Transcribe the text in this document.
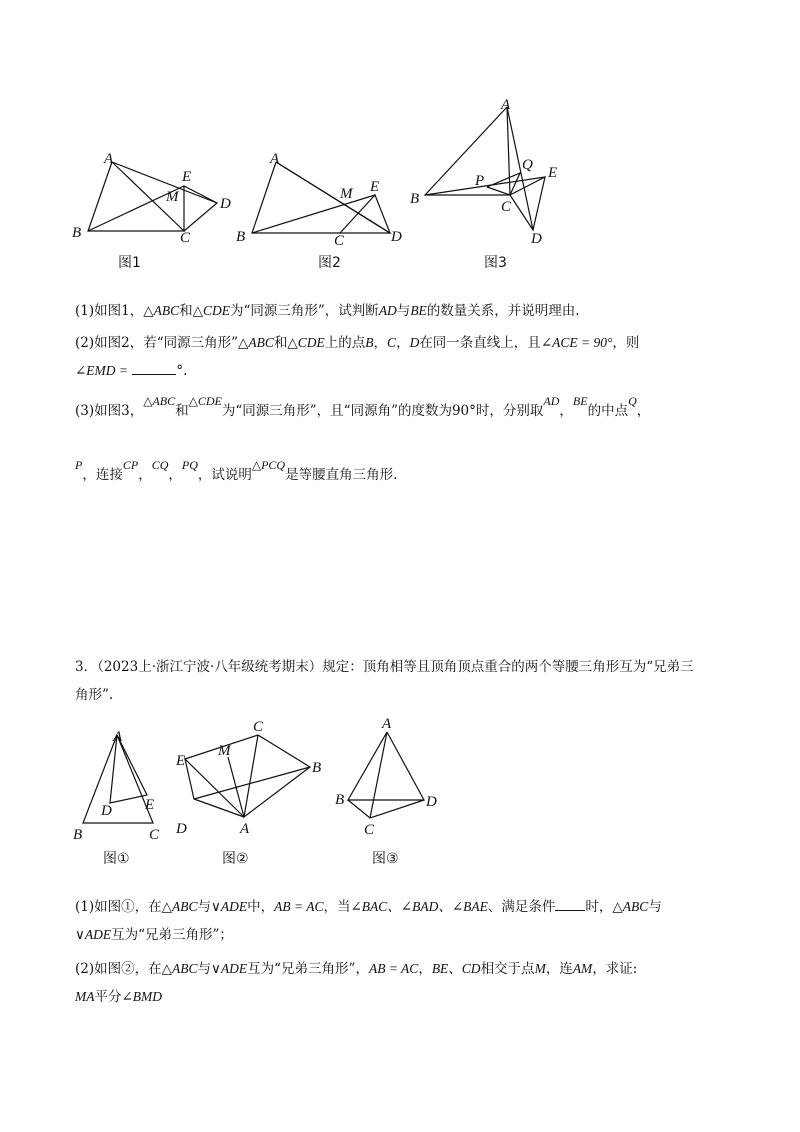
A
B	C
D
E
M
图1
A
B	C	D
E
M
图2
A
B	C
D
E
P
Q
图3
(1)如图1，△ABC和△CDE为“同源三角形”，试判断AD与BE的数量关系，并说明理由.
(2)如图2，若“同源三角形”△ABC和△CDE上的点B，C，D在同一条直线上，且∠ACE = 90°，则
∠EMD =	°.
(3)如图3，△ABC和△CDE为“同源三角形”，且“同源角”的度数为90°时，分别取AD，BE的中点Q，
P，连接CP，CQ，PQ，试说明△PCQ是等腰直角三角形.
3．（2023上·浙江宁波·八年级统考期末）规定：顶角相等且顶角顶点重合的两个等腰三角形互为“兄弟三
角形”.
A
B	C
D E
图①
C
B
A
D
E
M
图②
A
B
C
D
图③
(1)如图①，在△ABC与∨ADE中，AB = AC，当∠BAC、∠BAD、∠BAE、满足条件 时，△ABC与
∨ADE互为“兄弟三角形”；
(2)如图②，在△ABC与∨ADE互为“兄弟三角形”，AB = AC，BE、CD相交于点M，连AM，求证:
MA平分∠BMD
